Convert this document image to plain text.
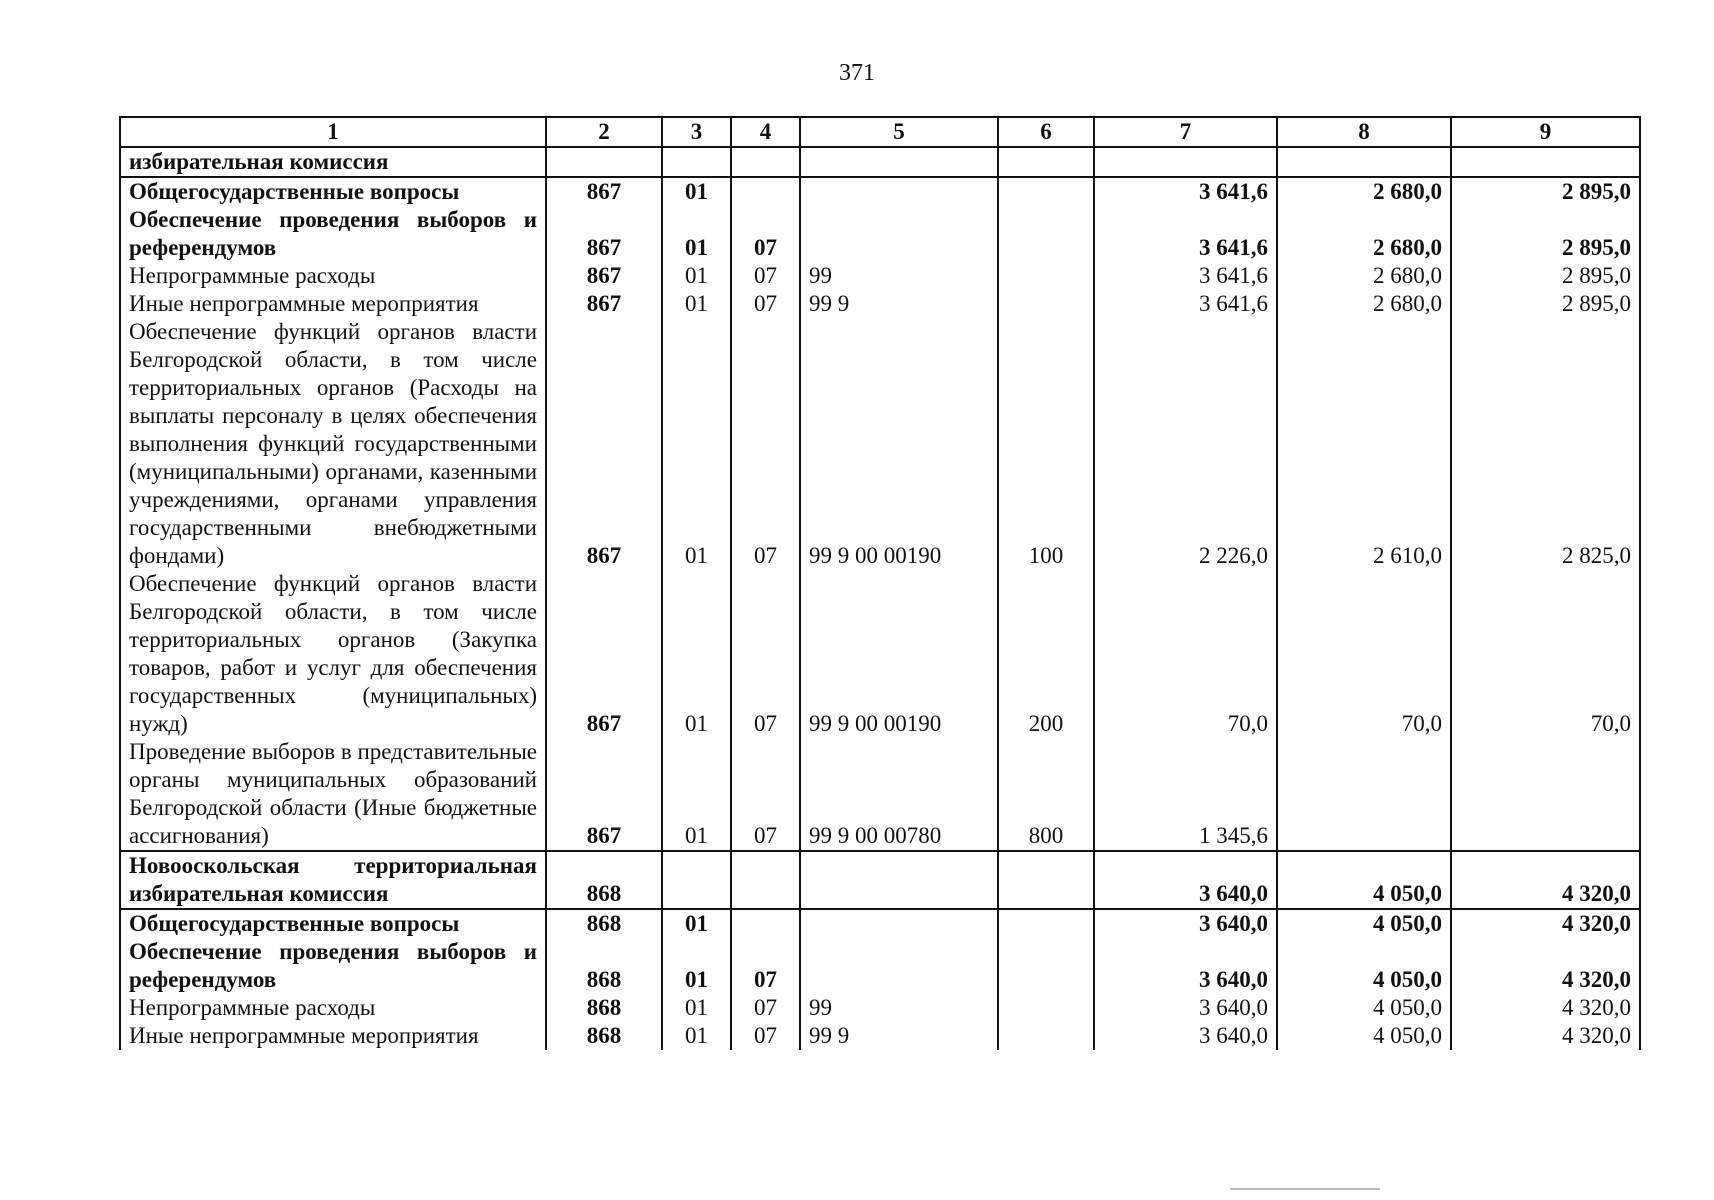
371
1	2	3	4	5	6	7	8	9
избирательная комиссия								
Общегосударственные вопросы	867	01				3 641,6	2 680,0	2 895,0
Обеспечение проведения выборов и референдумов	867	01	07			3 641,6	2 680,0	2 895,0
Непрограммные расходы	867	01	07	99		3 641,6	2 680,0	2 895,0
Иные непрограммные мероприятия	867	01	07	99 9		3 641,6	2 680,0	2 895,0
Обеспечение функций органов власти Белгородской области, в том числе территориальных органов (Расходы на выплаты персоналу в целях обеспечения выполнения функций государственными (муниципальными) органами, казенными учреждениями, органами управления государственными внебюджетными фондами)	867	01	07	99 9 00 00190	100	2 226,0	2 610,0	2 825,0
Обеспечение функций органов власти Белгородской области, в том числе территориальных органов (Закупка товаров, работ и услуг для обеспечения государственных (муниципальных) нужд)	867	01	07	99 9 00 00190	200	70,0	70,0	70,0
Проведение выборов в представительные органы муниципальных образований Белгородской области (Иные бюджетные ассигнования)	867	01	07	99 9 00 00780	800	1 345,6		
Новооскольская территориальная избирательная комиссия	868					3 640,0	4 050,0	4 320,0
Общегосударственные вопросы	868	01				3 640,0	4 050,0	4 320,0
Обеспечение проведения выборов и референдумов	868	01	07			3 640,0	4 050,0	4 320,0
Непрограммные расходы	868	01	07	99		3 640,0	4 050,0	4 320,0
Иные непрограммные мероприятия	868	01	07	99 9		3 640,0	4 050,0	4 320,0
